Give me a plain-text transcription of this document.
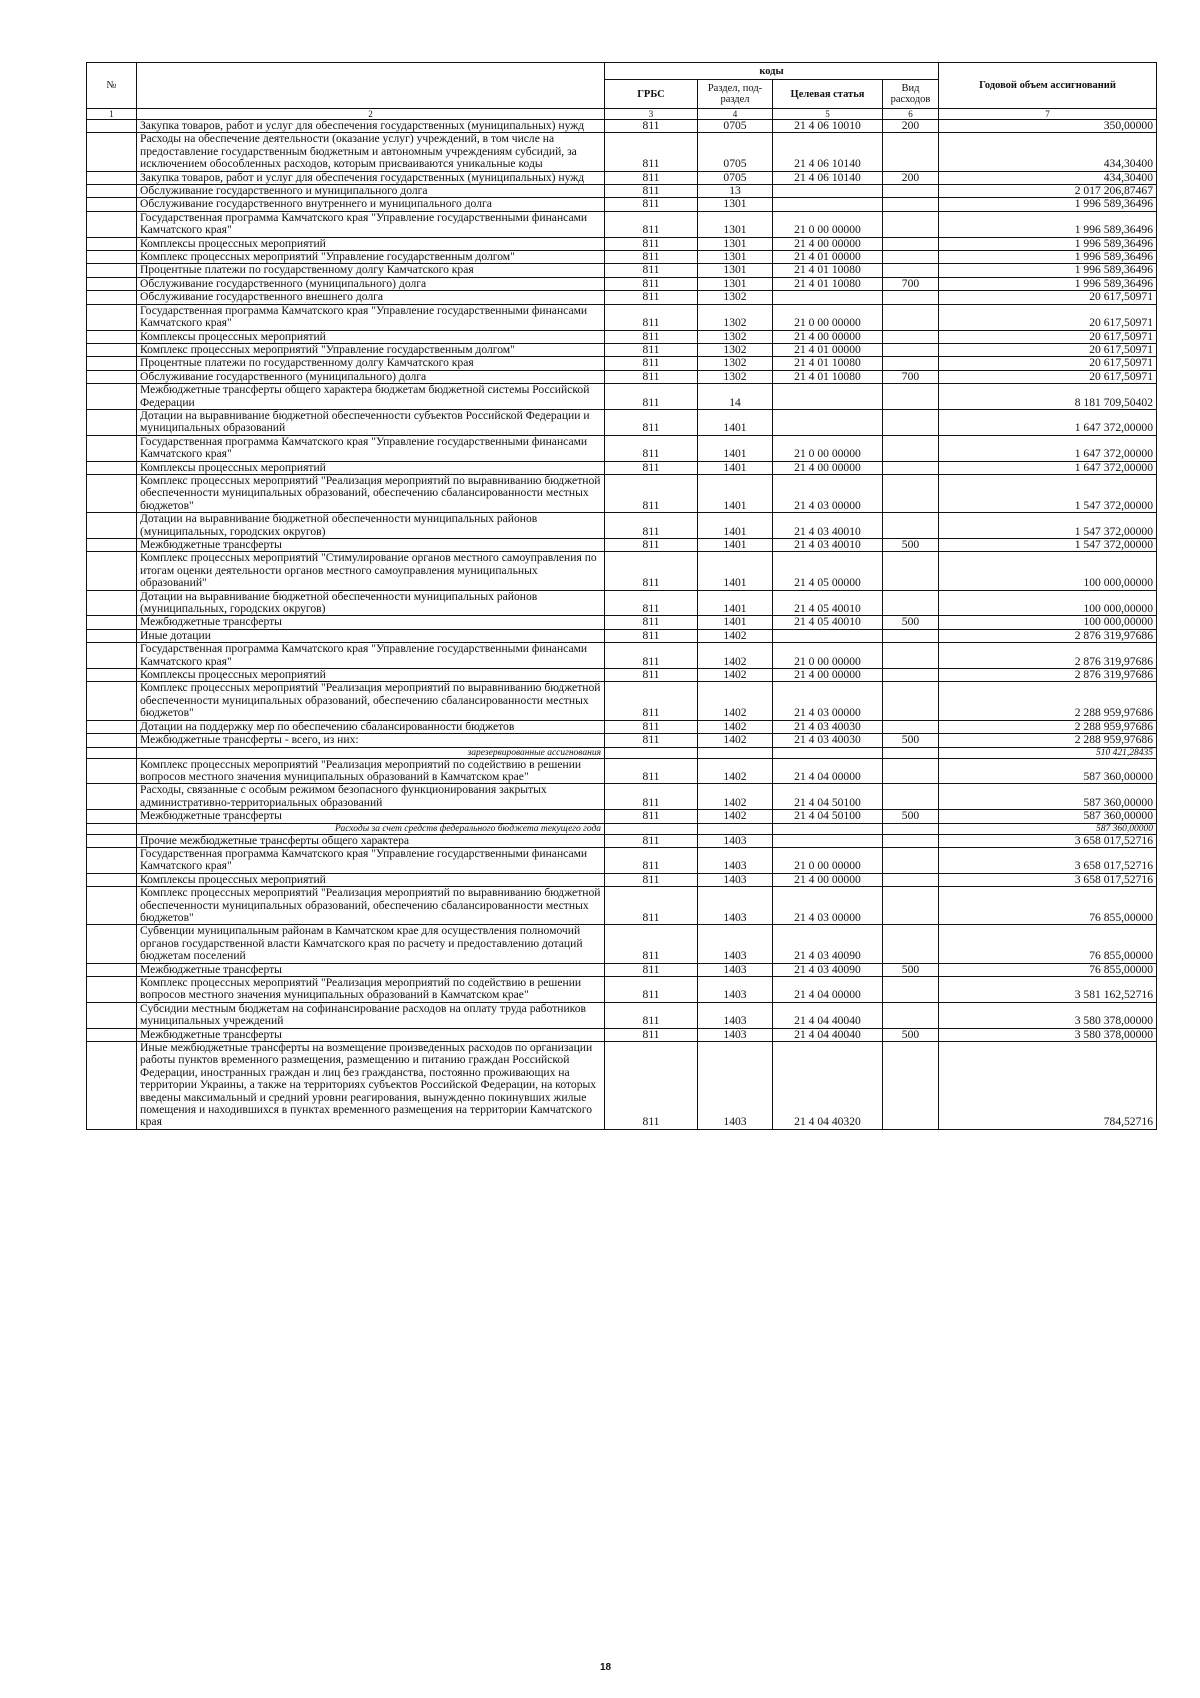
№		коды				Годовой объем ассигнований
		ГРБС	Раздел, под-раздел	Целевая статья	Вид расходов	
1	2	3	4	5	6	7
	Закупка товаров, работ и услуг для обеспечения государственных (муниципальных) нужд	811	0705	21 4 06 10010	200	350,00000
	Расходы на обеспечение деятельности (оказание услуг) учреждений, в том числе на предоставление государственным бюджетным и автономным учреждениям субсидий, за исключением обособленных расходов, которым присваиваются уникальные коды	811	0705	21 4 06 10140		434,30400
	Закупка товаров, работ и услуг для обеспечения государственных (муниципальных) нужд	811	0705	21 4 06 10140	200	434,30400
	Обслуживание государственного и муниципального долга	811	13			2 017 206,87467
	Обслуживание государственного внутреннего и муниципального долга	811	1301			1 996 589,36496
	Государственная программа Камчатского края "Управление государственными финансами Камчатского края"	811	1301	21 0 00 00000		1 996 589,36496
	Комплексы процессных мероприятий	811	1301	21 4 00 00000		1 996 589,36496
	Комплекс процессных мероприятий "Управление государственным долгом"	811	1301	21 4 01 00000		1 996 589,36496
	Процентные платежи по государственному долгу Камчатского края	811	1301	21 4 01 10080		1 996 589,36496
	Обслуживание государственного (муниципального) долга	811	1301	21 4 01 10080	700	1 996 589,36496
	Обслуживание государственного внешнего долга	811	1302			20 617,50971
	Государственная программа Камчатского края "Управление государственными финансами Камчатского края"	811	1302	21 0 00 00000		20 617,50971
	Комплексы процессных мероприятий	811	1302	21 4 00 00000		20 617,50971
	Комплекс процессных мероприятий "Управление государственным долгом"	811	1302	21 4 01 00000		20 617,50971
	Процентные платежи по государственному долгу Камчатского края	811	1302	21 4 01 10080		20 617,50971
	Обслуживание государственного (муниципального) долга	811	1302	21 4 01 10080	700	20 617,50971
	Межбюджетные трансферты общего характера бюджетам бюджетной системы Российской Федерации	811	14			8 181 709,50402
	Дотации на выравнивание бюджетной обеспеченности субъектов Российской Федерации и муниципальных образований	811	1401			1 647 372,00000
	Государственная программа Камчатского края "Управление государственными финансами Камчатского края"	811	1401	21 0 00 00000		1 647 372,00000
	Комплексы процессных мероприятий	811	1401	21 4 00 00000		1 647 372,00000
	Комплекс процессных мероприятий "Реализация мероприятий по выравниванию бюджетной обеспеченности муниципальных образований, обеспечению сбалансированности местных бюджетов"	811	1401	21 4 03 00000		1 547 372,00000
	Дотации на выравнивание бюджетной обеспеченности муниципальных районов (муниципальных, городских округов)	811	1401	21 4 03 40010		1 547 372,00000
	Межбюджетные трансферты	811	1401	21 4 03 40010	500	1 547 372,00000
	Комплекс процессных мероприятий "Стимулирование органов местного самоуправления по итогам оценки деятельности органов местного самоуправления муниципальных образований"	811	1401	21 4 05 00000		100 000,00000
	Дотации на выравнивание бюджетной обеспеченности муниципальных районов (муниципальных, городских округов)	811	1401	21 4 05 40010		100 000,00000
	Межбюджетные трансферты	811	1401	21 4 05 40010	500	100 000,00000
	Иные дотации	811	1402			2 876 319,97686
	Государственная программа Камчатского края "Управление государственными финансами Камчатского края"	811	1402	21 0 00 00000		2 876 319,97686
	Комплексы процессных мероприятий	811	1402	21 4 00 00000		2 876 319,97686
	Комплекс процессных мероприятий "Реализация мероприятий по выравниванию бюджетной обеспеченности муниципальных образований, обеспечению сбалансированности местных бюджетов"	811	1402	21 4 03 00000		2 288 959,97686
	Дотации на поддержку мер по обеспечению сбалансированности бюджетов	811	1402	21 4 03 40030		2 288 959,97686
	Межбюджетные трансферты - всего, из них:	811	1402	21 4 03 40030	500	2 288 959,97686
	зарезервированные ассигнования					510 421,28435
	Комплекс процессных мероприятий "Реализация мероприятий по содействию в решении вопросов местного значения муниципальных образований в Камчатском крае"	811	1402	21 4 04 00000		587 360,00000
	Расходы, связанные с особым режимом безопасного функционирования закрытых административно-территориальных образований	811	1402	21 4 04 50100		587 360,00000
	Межбюджетные трансферты	811	1402	21 4 04 50100	500	587 360,00000
	Расходы за счет средств федерального бюджета текущего года					587 360,00000
	Прочие межбюджетные трансферты общего характера	811	1403			3 658 017,52716
	Государственная программа Камчатского края "Управление государственными финансами Камчатского края"	811	1403	21 0 00 00000		3 658 017,52716
	Комплексы процессных мероприятий	811	1403	21 4 00 00000		3 658 017,52716
	Комплекс процессных мероприятий "Реализация мероприятий по выравниванию бюджетной обеспеченности муниципальных образований, обеспечению сбалансированности местных бюджетов"	811	1403	21 4 03 00000		76 855,00000
	Субвенции муниципальным районам в Камчатском крае для осуществления полномочий органов государственной власти Камчатского края по расчету и предоставлению дотаций бюджетам поселений	811	1403	21 4 03 40090		76 855,00000
	Межбюджетные трансферты	811	1403	21 4 03 40090	500	76 855,00000
	Комплекс процессных мероприятий "Реализация мероприятий по содействию в решении вопросов местного значения муниципальных образований в Камчатском крае"	811	1403	21 4 04 00000		3 581 162,52716
	Субсидии местным бюджетам на софинансирование расходов на оплату труда работников муниципальных учреждений	811	1403	21 4 04 40040		3 580 378,00000
	Межбюджетные трансферты	811	1403	21 4 04 40040	500	3 580 378,00000
	Иные межбюджетные трансферты на возмещение произведенных расходов по организации работы пунктов временного размещения, размещению и питанию граждан Российской Федерации, иностранных граждан и лиц без гражданства, постоянно проживающих на территории Украины, а также на территориях субъектов Российской Федерации, на которых введены максимальный и средний уровни реагирования, вынужденно покинувших жилые помещения и находившихся в пунктах временного размещения на территории Камчатского края	811	1403	21 4 04 40320		784,52716
18
